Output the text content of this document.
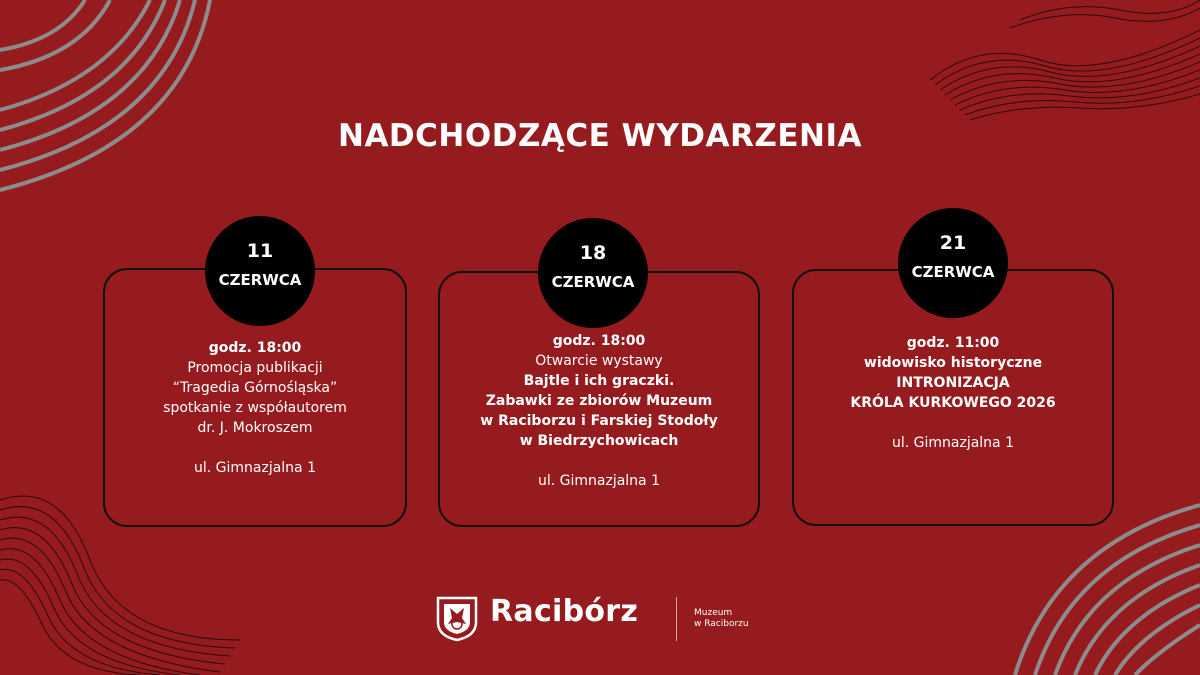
NADCHODZĄCE WYDARZENIA
godz. 18:00
Promocja publikacji
“Tragedia Górnośląska”
spotkanie z współautorem
dr. J. Mokroszem
ul. Gimnazjalna 1
11
CZERWCA
godz. 18:00
Otwarcie wystawy
Bajtle i ich graczki.
Zabawki ze zbiorów Muzeum
w Raciborzu i Farskiej Stodoły
w Biedrzychowicach
ul. Gimnazjalna 1
18
CZERWCA
godz. 11:00
widowisko historyczne
INTRONIZACJA
KRÓLA KURKOWEGO 2026
ul. Gimnazjalna 1
21
CZERWCA
Racibórz	Muzeum
w Raciborzu
